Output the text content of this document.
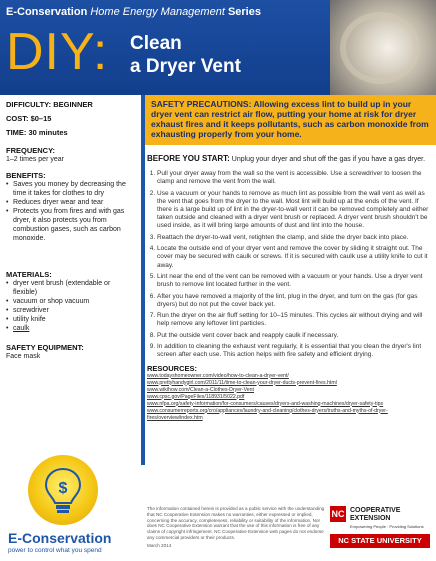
E-Conservation Home Energy Management Series
DIY: Clean
a Dryer Vent
DIFFICULTY: BEGINNER
COST: $0–15
TIME: 30 minutes
FREQUENCY:
1–2 times per year
BENEFITS:
• Saves you money by decreasing the time it takes for clothes to dry
• Reduces dryer wear and tear
• Protects you from fires and with gas dryer, it also protects you from combustion gases, such as carbon monoxide.
MATERIALS:
• dryer vent brush (extendable or flexible)
• vacuum or shop vacuum
• screwdriver
• utility knife
• caulk
SAFETY EQUIPMENT:
Face mask
$
E-Conservation
power to control what you spend
SAFETY PRECAUTIONS: Allowing excess lint to build up in your dryer vent can restrict air flow, putting your home at risk for dryer exhaust fires and it keeps pollutants, such as carbon monoxide from exhausting properly from your home.
BEFORE YOU START: Unplug your dryer and shut off the gas if you have a gas dryer.
1. Pull your dryer away from the wall so the vent is accessible. Use a screwdriver to loosen the clamp and remove the vent from the wall.
2. Use a vacuum or your hands to remove as much lint as possible from the wall vent as well as the vent that goes from the dryer to the wall. Most lint will build up at the ends of the vent. If there is a large build up of lint in the dryer-to-wall vent it can be removed completely and either taken outside and cleaned with a dryer vent brush or replaced. A dryer vent brush shouldn't be used inside, as it will bring large amounts of dust and lint into the house.
3. Reattach the dryer-to-wall vent, retighten the clamp, and slide the dryer back into place.
4. Locate the outside end of your dryer vent and remove the cover by sliding it straight out. The cover may be secured with caulk or screws. If it is secured with caulk use a utility knife to cut it away.
5. Lint near the end of the vent can be removed with a vacuum or your hands. Use a dryer vent brush to remove lint located further in the vent.
6. After you have removed a majority of the lint, plug in the dryer, and turn on the gas (for gas dryers) but do not put the cover back yet.
7. Run the dryer on the air fluff setting for 10–15 minutes. This cycles air without drying and will help remove any leftover lint particles.
8. Put the outside vent cover back and reapply caulk if necessary.
9. In addition to cleaning the exhaust vent regularly, it is essential that you clean the dryer's lint screen after each use. This action helps with fire safety and efficient drying.
RESOURCES:
www.todayshomeowner.com/video/how-to-clean-a-dryer-vent/
www.prettyhandygirl.com/2011/11/time-to-clean-your-dryer-ducts-prevent-fires.html
www.wikihow.com/Clean-a-Clothes-Dryer-Vent
www.cpsc.gov/PageFiles/118931/5022.pdf
www.nfpa.org/safety-information/for-consumers/causes/dryers-and-washing-machines/dryer-safety-tips
www.consumerreports.org/cro/appliances/laundry-and-cleaning/clothes-dryers/truths-and-myths-of-dryer-fires/overview/index.htm
The information contained herein is provided as a public service with the understanding that NC Cooperative Extension makes no warranties, either expressed or implied, concerning the accuracy, completeness, reliability or suitability of the information. Nor does NC Cooperative Extension warrant that the use of this information is free of any claims of copyright infringement. NC Cooperative Extension web pages do not endorse any commercial providers or their products.
March 2014
NC COOPERATIVE
EXTENSION
Empowering People · Providing Solutions
NC STATE UNIVERSITY
